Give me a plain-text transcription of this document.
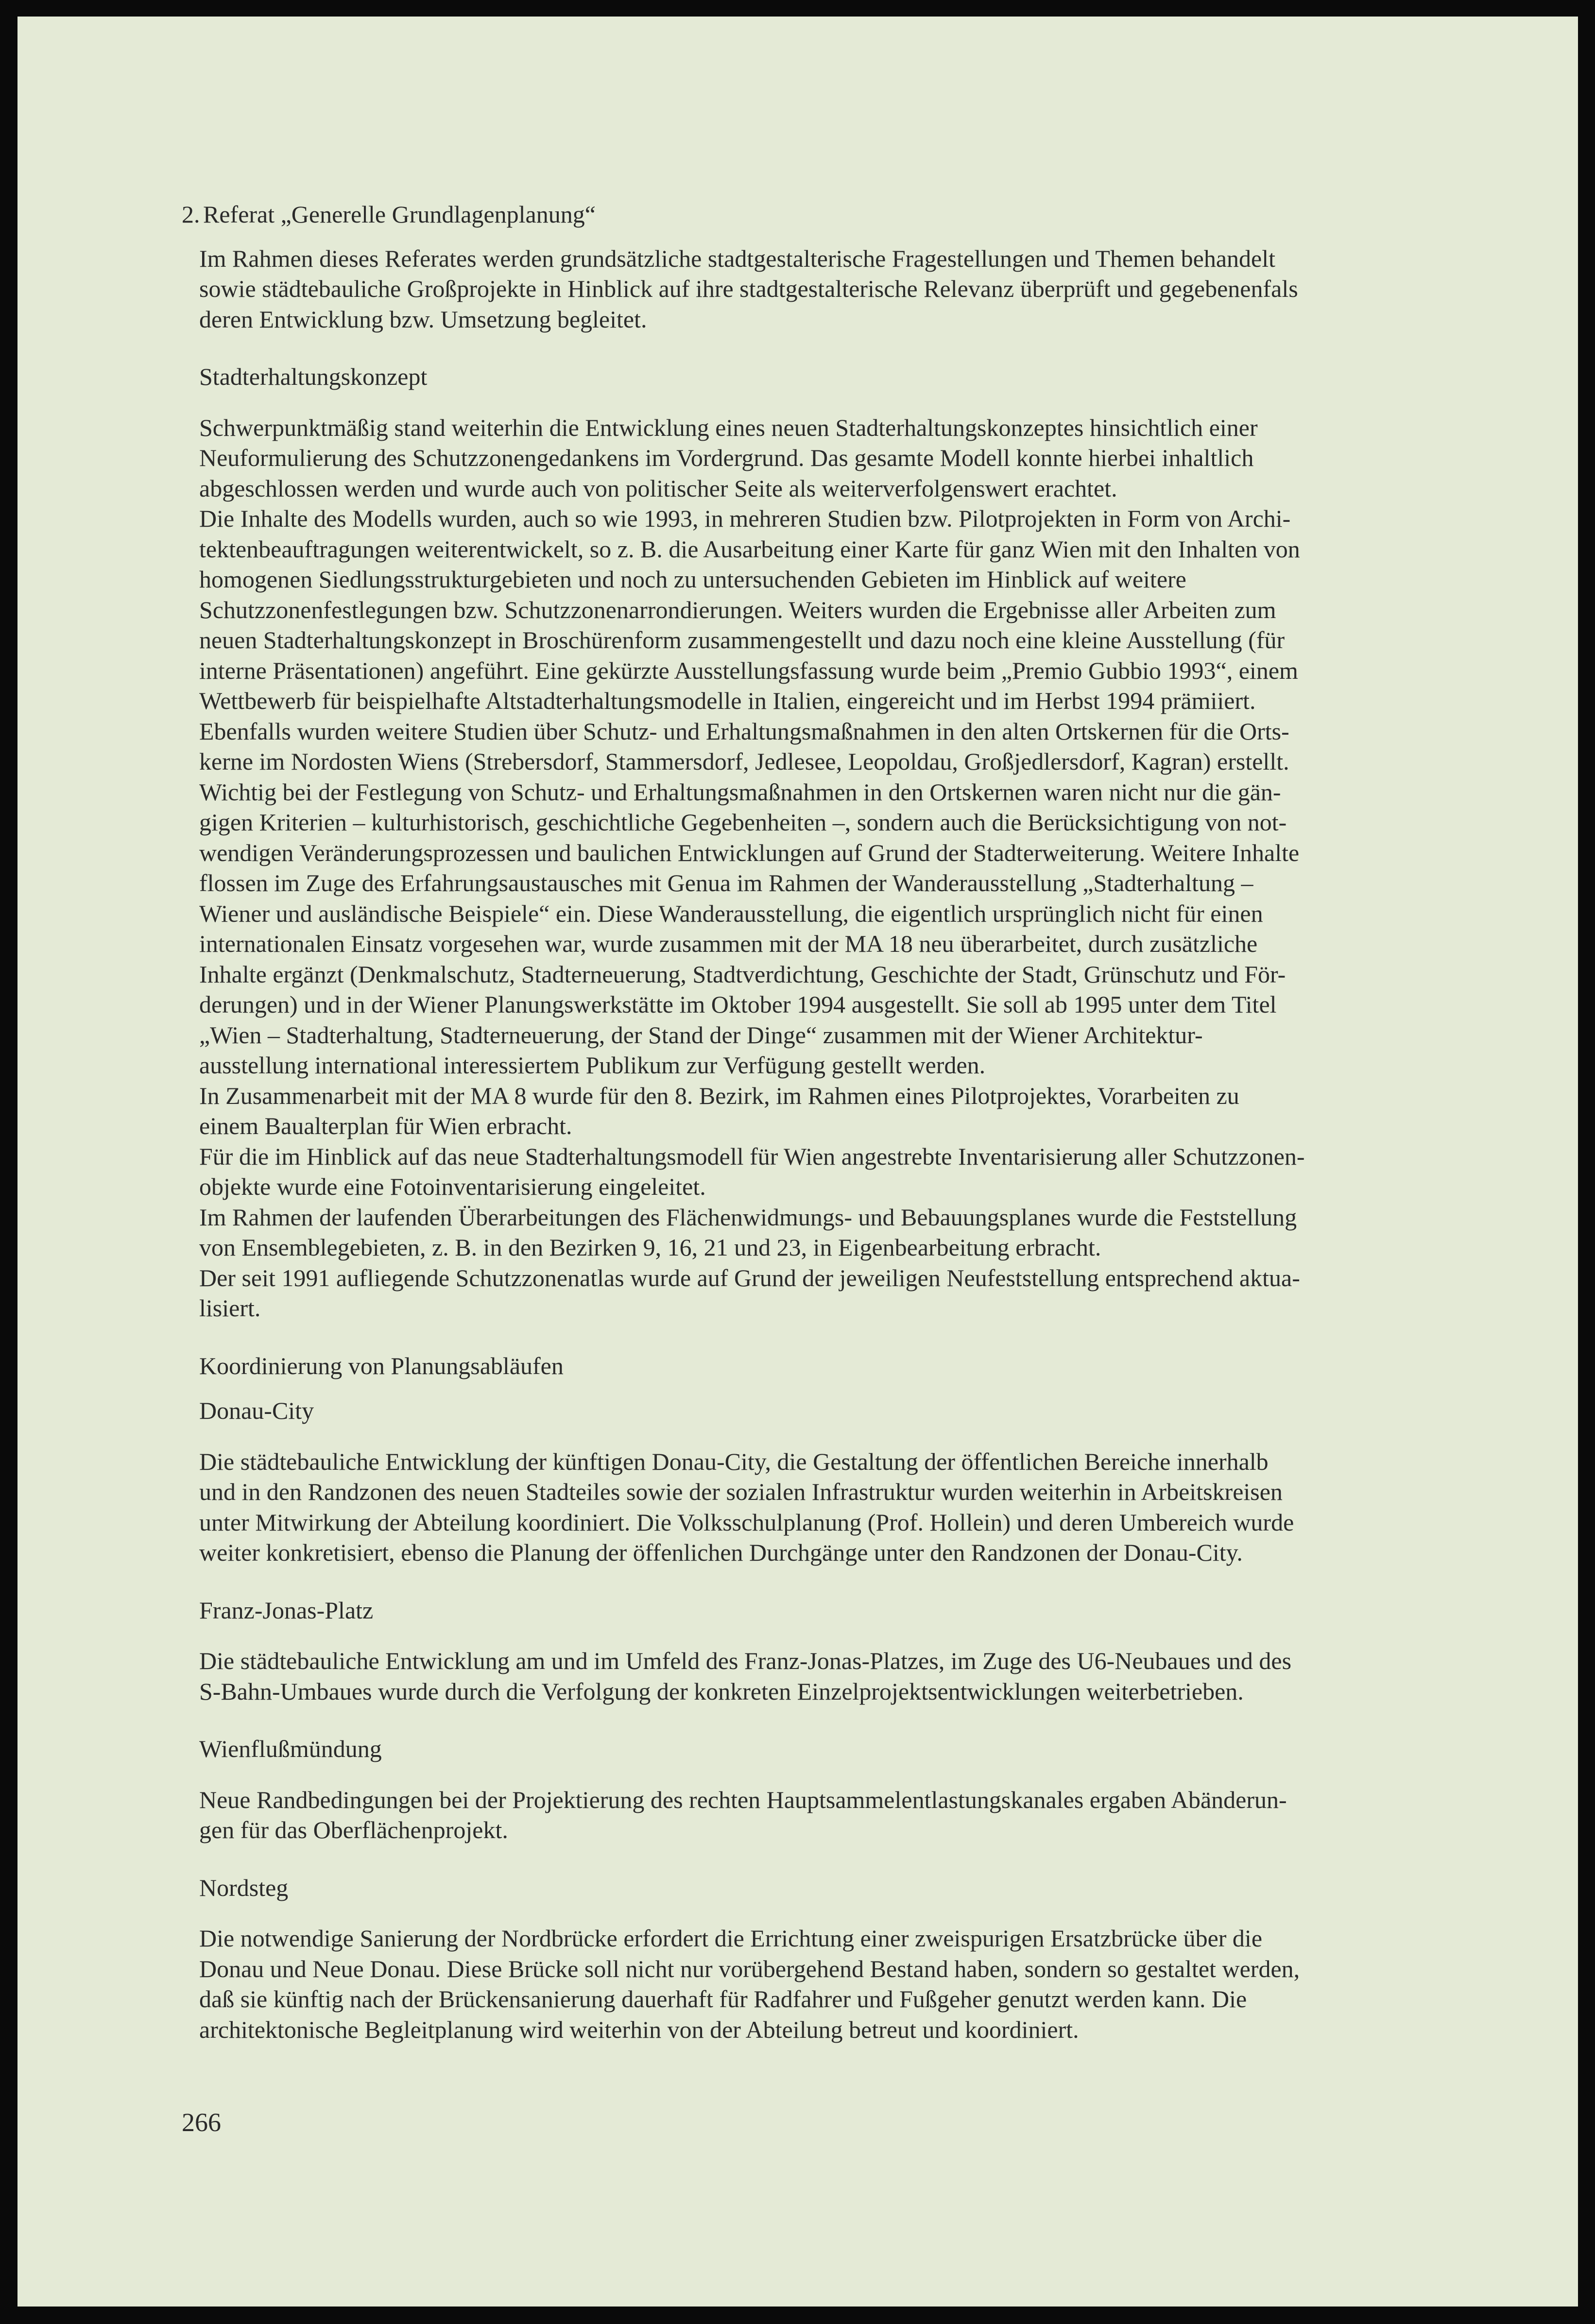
2. Referat „Generelle Grundlagenplanung“

Im Rahmen dieses Referates werden grundsätzliche stadtgestalterische Fragestellungen und Themen behandelt

sowie städtebauliche Großprojekte in Hinblick auf ihre stadtgestalterische Relevanz überprüft und gegebenenfals

deren Entwicklung bzw. Umsetzung begleitet.

Stadterhaltungskonzept

Schwerpunktmäßig stand weiterhin die Entwicklung eines neuen Stadterhaltungskonzeptes hinsichtlich einer

Neuformulierung des Schutzzonengedankens im Vordergrund. Das gesamte Modell konnte hierbei inhaltlich

abgeschlossen werden und wurde auch von politischer Seite als weiterverfolgenswert erachtet.

Die Inhalte des Modells wurden, auch so wie 1993, in mehreren Studien bzw. Pilotprojekten in Form von Archi-

tektenbeauftragungen weiterentwickelt, so z. B. die Ausarbeitung einer Karte für ganz Wien mit den Inhalten von

homogenen Siedlungsstrukturgebieten und noch zu untersuchenden Gebieten im Hinblick auf weitere

Schutzzonenfestlegungen bzw. Schutzzonenarrondierungen. Weiters wurden die Ergebnisse aller Arbeiten zum

neuen Stadterhaltungskonzept in Broschürenform zusammengestellt und dazu noch eine kleine Ausstellung (für

interne Präsentationen) angeführt. Eine gekürzte Ausstellungsfassung wurde beim „Premio Gubbio 1993“, einem

Wettbewerb für beispielhafte Altstadterhaltungsmodelle in Italien, eingereicht und im Herbst 1994 prämiiert.

Ebenfalls wurden weitere Studien über Schutz- und Erhaltungsmaßnahmen in den alten Ortskernen für die Orts-

kerne im Nordosten Wiens (Strebersdorf, Stammersdorf, Jedlesee, Leopoldau, Großjedlersdorf, Kagran) erstellt.

Wichtig bei der Festlegung von Schutz- und Erhaltungsmaßnahmen in den Ortskernen waren nicht nur die gän-

gigen Kriterien – kulturhistorisch, geschichtliche Gegebenheiten –, sondern auch die Berücksichtigung von not-

wendigen Veränderungsprozessen und baulichen Entwicklungen auf Grund der Stadterweiterung. Weitere Inhalte

flossen im Zuge des Erfahrungsaustausches mit Genua im Rahmen der Wanderausstellung „Stadterhaltung –

Wiener und ausländische Beispiele“ ein. Diese Wanderausstellung, die eigentlich ursprünglich nicht für einen

internationalen Einsatz vorgesehen war, wurde zusammen mit der MA 18 neu überarbeitet, durch zusätzliche

Inhalte ergänzt (Denkmalschutz, Stadterneuerung, Stadtverdichtung, Geschichte der Stadt, Grünschutz und För-

derungen) und in der Wiener Planungswerkstätte im Oktober 1994 ausgestellt. Sie soll ab 1995 unter dem Titel

„Wien – Stadterhaltung, Stadterneuerung, der Stand der Dinge“ zusammen mit der Wiener Architektur-

ausstellung international interessiertem Publikum zur Verfügung gestellt werden.

In Zusammenarbeit mit der MA 8 wurde für den 8. Bezirk, im Rahmen eines Pilotprojektes, Vorarbeiten zu

einem Baualterplan für Wien erbracht.

Für die im Hinblick auf das neue Stadterhaltungsmodell für Wien angestrebte Inventarisierung aller Schutzzonen-

objekte wurde eine Fotoinventarisierung eingeleitet.

Im Rahmen der laufenden Überarbeitungen des Flächenwidmungs- und Bebauungsplanes wurde die Feststellung

von Ensemblegebieten, z. B. in den Bezirken 9, 16, 21 und 23, in Eigenbearbeitung erbracht.

Der seit 1991 aufliegende Schutzzonenatlas wurde auf Grund der jeweiligen Neufeststellung entsprechend aktua-

lisiert.

Koordinierung von Planungsabläufen

Donau-City

Die städtebauliche Entwicklung der künftigen Donau-City, die Gestaltung der öffentlichen Bereiche innerhalb

und in den Randzonen des neuen Stadteiles sowie der sozialen Infrastruktur wurden weiterhin in Arbeitskreisen

unter Mitwirkung der Abteilung koordiniert. Die Volksschulplanung (Prof. Hollein) und deren Umbereich wurde

weiter konkretisiert, ebenso die Planung der öffenlichen Durchgänge unter den Randzonen der Donau-City.

Franz-Jonas-Platz

Die städtebauliche Entwicklung am und im Umfeld des Franz-Jonas-Platzes, im Zuge des U6-Neubaues und des

S-Bahn-Umbaues wurde durch die Verfolgung der konkreten Einzelprojektsentwicklungen weiterbetrieben.

Wienflußmündung

Neue Randbedingungen bei der Projektierung des rechten Hauptsammelentlastungskanales ergaben Abänderun-

gen für das Oberflächenprojekt.

Nordsteg

Die notwendige Sanierung der Nordbrücke erfordert die Errichtung einer zweispurigen Ersatzbrücke über die

Donau und Neue Donau. Diese Brücke soll nicht nur vorübergehend Bestand haben, sondern so gestaltet werden,

daß sie künftig nach der Brückensanierung dauerhaft für Radfahrer und Fußgeher genutzt werden kann. Die

architektonische Begleitplanung wird weiterhin von der Abteilung betreut und koordiniert.

266
